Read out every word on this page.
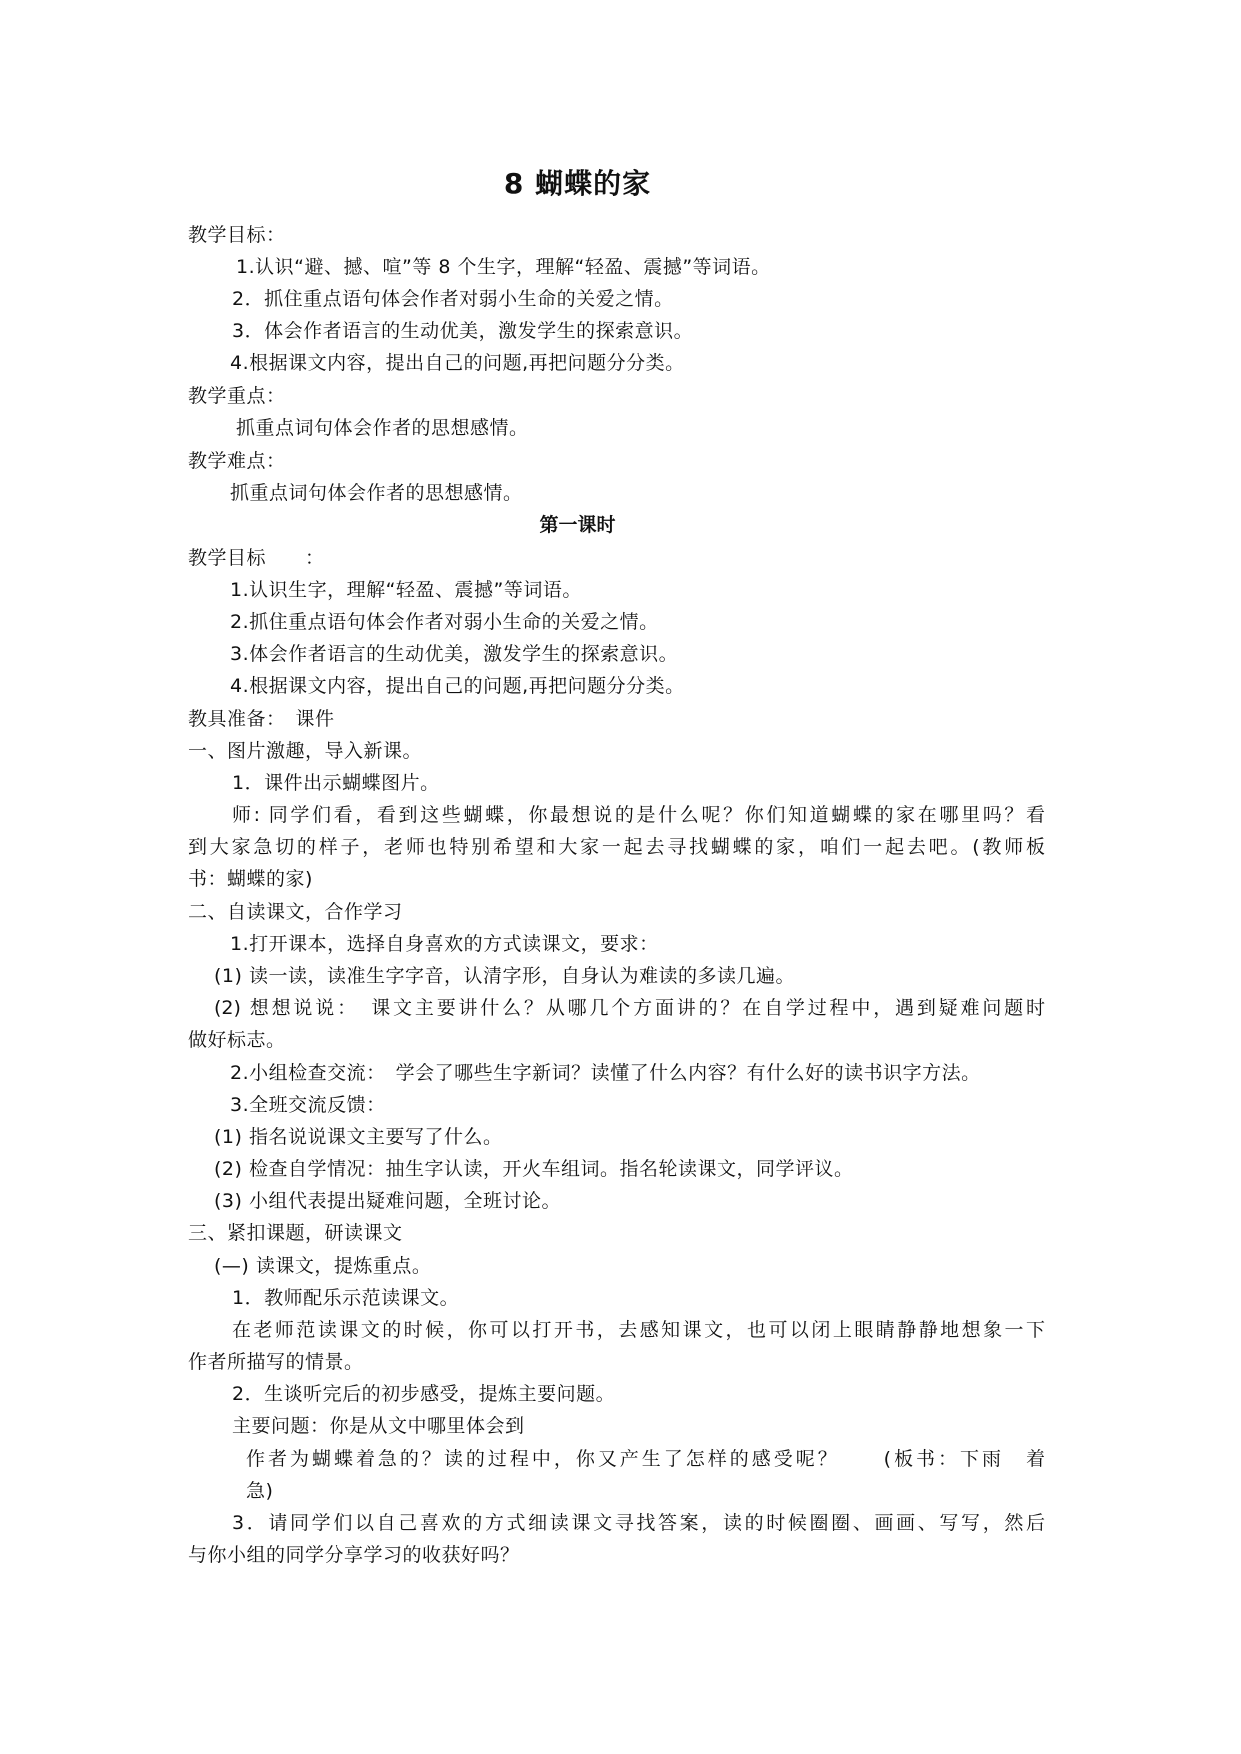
8 蝴蝶的家
教学目标：
1.认识“避、撼、喧”等 8 个生字，理解“轻盈、震撼”等词语。
2．抓住重点语句体会作者对弱小生命的关爱之情。
3．体会作者语言的生动优美，激发学生的探索意识。
4.根据课文内容，提出自己的问题,再把问题分分类。
教学重点：
抓重点词句体会作者的思想感情。
教学难点：
抓重点词句体会作者的思想感情。
第一课时
教学目标　　：
1.认识生字，理解“轻盈、震撼”等词语。
2.抓住重点语句体会作者对弱小生命的关爱之情。
3.体会作者语言的生动优美，激发学生的探索意识。
4.根据课文内容，提出自己的问题,再把问题分分类。
教具准备：　课件
一、图片激趣，导入新课。
1．课件出示蝴蝶图片。
师: 同学们看，看到这些蝴蝶，你最想说的是什么呢？你们知道蝴蝶的家在哪里吗？看
到大家急切的样子，老师也特别希望和大家一起去寻找蝴蝶的家，咱们一起去吧。(教师板
书：蝴蝶的家)
二、自读课文，合作学习
1.打开课本，选择自身喜欢的方式读课文，要求：
(1) 读一读，读准生字字音，认清字形，自身认为难读的多读几遍。
(2) 想想说说：　课文主要讲什么？从哪几个方面讲的？在自学过程中，遇到疑难问题时
做好标志。
2.小组检查交流：　学会了哪些生字新词？读懂了什么内容？有什么好的读书识字方法。
3.全班交流反馈：
(1) 指名说说课文主要写了什么。
(2) 检查自学情况：抽生字认读，开火车组词。指名轮读课文，同学评议。
(3) 小组代表提出疑难问题，全班讨论。
三、紧扣课题，研读课文
(—) 读课文，提炼重点。
1．教师配乐示范读课文。
在老师范读课文的时候，你可以打开书，去感知课文，也可以闭上眼睛静静地想象一下
作者所描写的情景。
2．生谈听完后的初步感受，提炼主要问题。
主要问题：你是从文中哪里体会到
作者为蝴蝶着急的？读的过程中，你又产生了怎样的感受呢？　　(板书：下雨　着
急)
3．请同学们以自己喜欢的方式细读课文寻找答案，读的时候圈圈、画画、写写，然后
与你小组的同学分享学习的收获好吗？
